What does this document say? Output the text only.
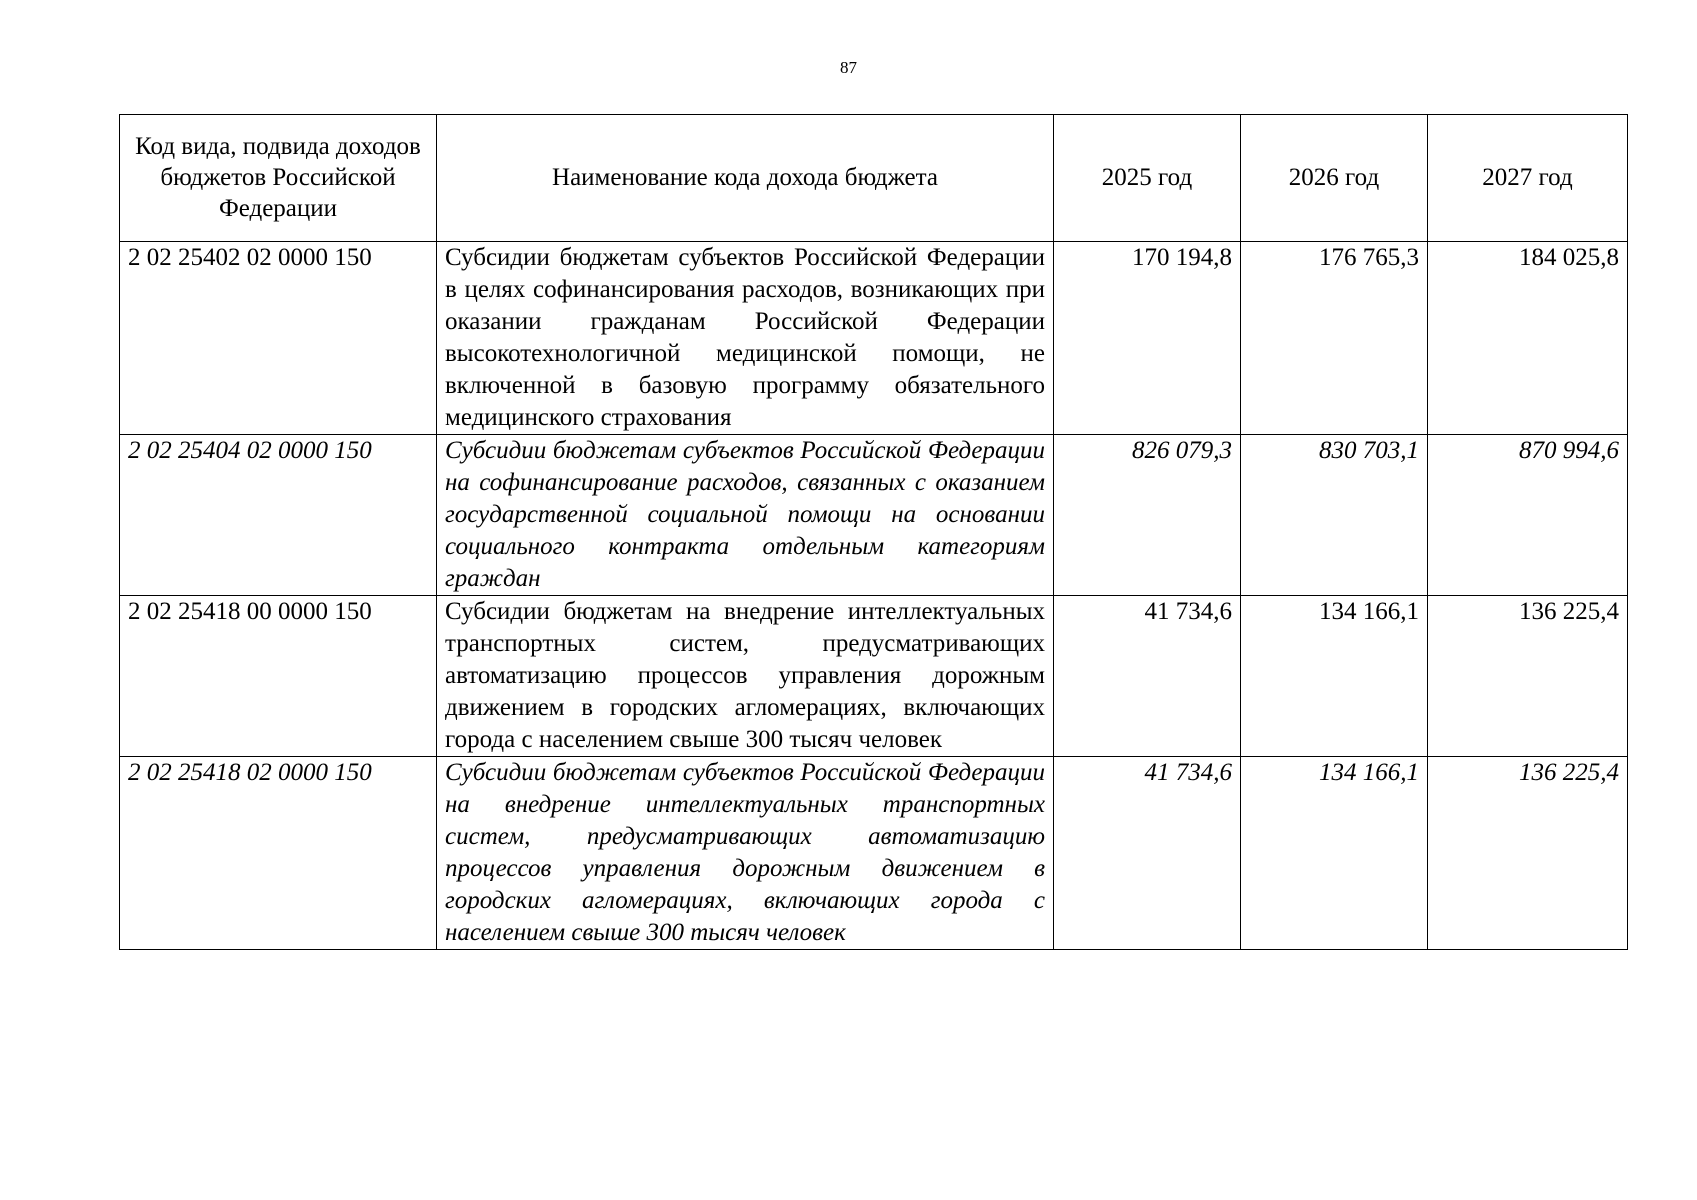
87
Код вида, подвида доходов бюджетов Российской Федерации	Наименование кода дохода бюджета	2025 год	2026 год	2027 год
2 02 25402 02 0000 150	Субсидии бюджетам субъектов Российской Федерации в целях софинансирования расходов, возникающих при оказании гражданам Российской Федерации высокотехнологичной медицинской помощи, не включенной в базовую программу обязательного медицинского страхования	170 194,8	176 765,3	184 025,8
2 02 25404 02 0000 150	Субсидии бюджетам субъектов Российской Федерации на софинансирование расходов, связанных с оказанием государственной социальной помощи на основании социального контракта отдельным категориям граждан	826 079,3	830 703,1	870 994,6
2 02 25418 00 0000 150	Субсидии бюджетам на внедрение интеллектуальных транспортных систем, предусматривающих автоматизацию процессов управления дорожным движением в городских агломерациях, включающих города с населением свыше 300 тысяч человек	41 734,6	134 166,1	136 225,4
2 02 25418 02 0000 150	Субсидии бюджетам субъектов Российской Федерации на внедрение интеллектуальных транспортных систем, предусматривающих автоматизацию процессов управления дорожным движением в городских агломерациях, включающих города с населением свыше 300 тысяч человек	41 734,6	134 166,1	136 225,4
